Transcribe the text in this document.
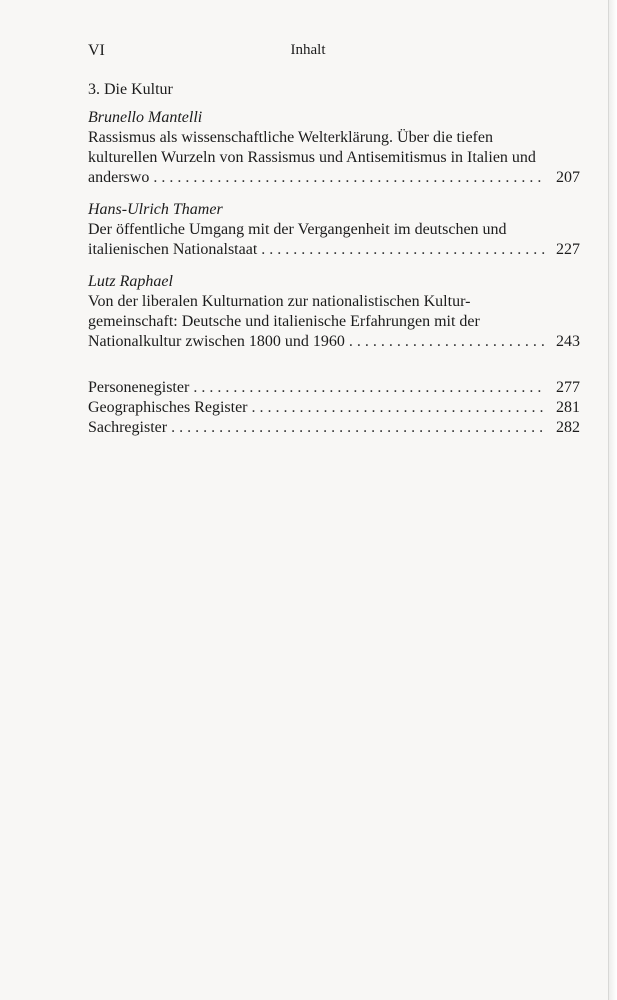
VI	Inhalt
3. Die Kultur
Brunello Mantelli
Rassismus als wissenschaftliche Welterklärung. Über die tiefen
kulturellen Wurzeln von Rassismus und Antisemitismus in Italien und
anderswo . . .	207
Hans-Ulrich Thamer
Der öffentliche Umgang mit der Vergangenheit im deutschen und
italienischen Nationalstaat . . .	227
Lutz Raphael
Von der liberalen Kulturnation zur nationalistischen Kultur-
gemeinschaft: Deutsche und italienische Erfahrungen mit der
Nationalkultur zwischen 1800 und 1960 . . .	243
Personenegister . . .	277
Geographisches Register . . .	281
Sachregister . . .	282
